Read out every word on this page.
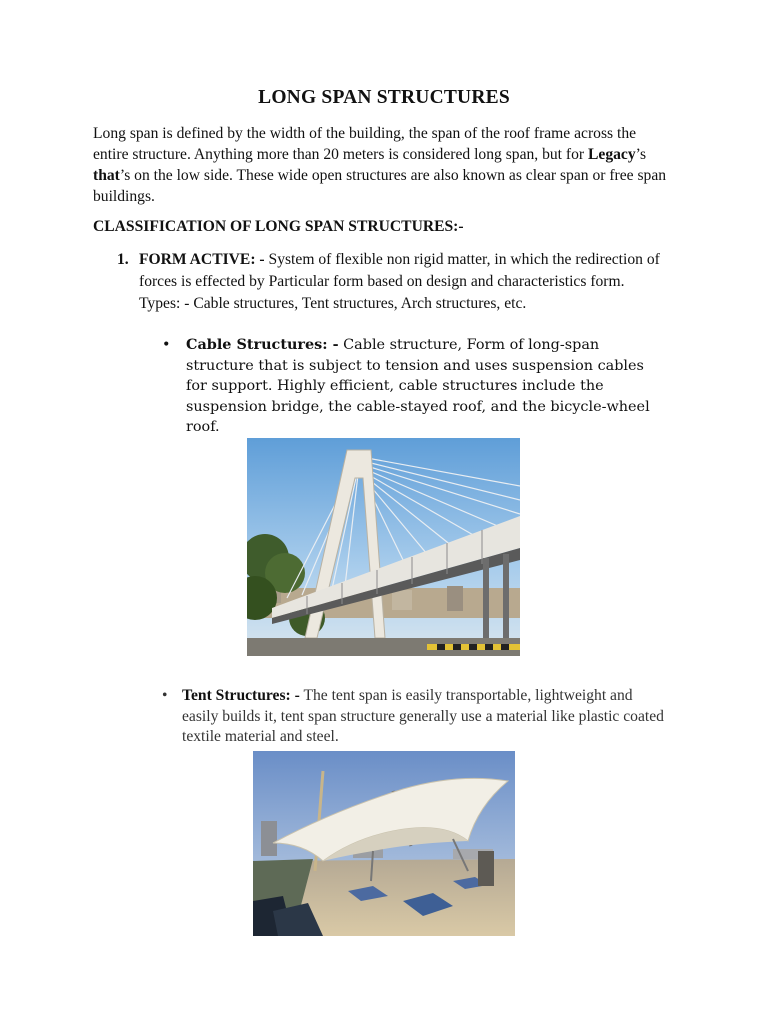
LONG SPAN STRUCTURES

Long span is defined by the width of the building, the span of the roof frame across the entire structure. Anything more than 20 meters is considered long span, but for Legacy’s that’s on the low side. These wide open structures are also known as clear span or free span buildings.

CLASSIFICATION OF LONG SPAN STRUCTURES:-
1. FORM ACTIVE: - System of flexible non rigid matter, in which the redirection of forces is effected by Particular form based on design and characteristics form. Types: - Cable structures, Tent structures, Arch structures, etc.
• Cable Structures: - Cable structure, Form of long-span structure that is subject to tension and uses suspension cables for support. Highly efficient, cable structures include the suspension bridge, the cable-stayed roof, and the bicycle-wheel roof.
• Tent Structures: - The tent span is easily transportable, lightweight and easily builds it, tent span structure generally use a material like plastic coated textile material and steel.
